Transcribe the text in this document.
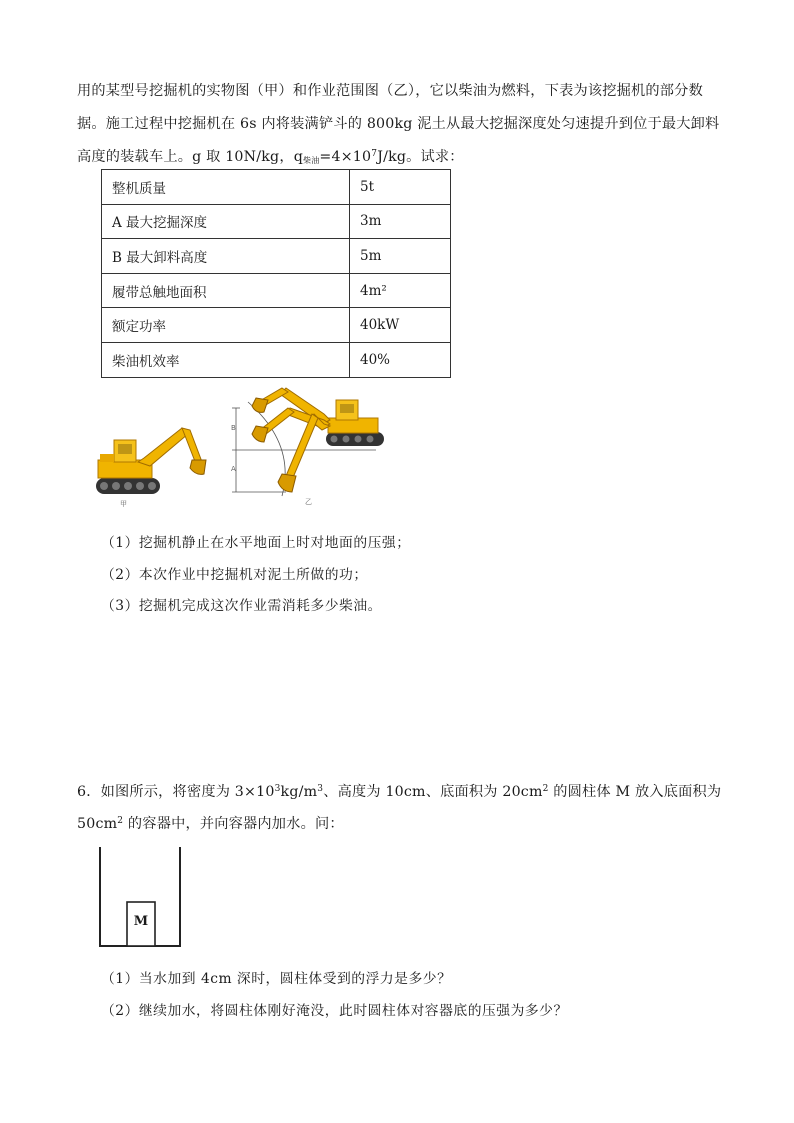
用的某型号挖掘机的实物图（甲）和作业范围图（乙），它以柴油为燃料，下表为该挖掘机的部分数
据。施工过程中挖掘机在 6s 内将装满铲斗的 800kg 泥土从最大挖掘深度处匀速提升到位于最大卸料
高度的装载车上。g 取 10N/kg，$q_{柴油}=4\times 10^7J/kg$。试求：
整机质量	5t
A 最大挖掘深度	3m
B 最大卸料高度	5m
履带总触地面积	4m²
额定功率	40kW
柴油机效率	40%
甲
B
A
乙
（1）挖掘机静止在水平地面上时对地面的压强；
（2）本次作业中挖掘机对泥土所做的功；
（3）挖掘机完成这次作业需消耗多少柴油。
6．如图所示，将密度为 $3\times 10^3kg/m^3$、高度为 10cm、底面积为 $20cm^2$ 的圆柱体 M 放入底面积为
$50cm^2$ 的容器中，并向容器内加水。问：
M
（1）当水加到 4cm 深时，圆柱体受到的浮力是多少？
（2）继续加水，将圆柱体刚好淹没，此时圆柱体对容器底的压强为多少？
